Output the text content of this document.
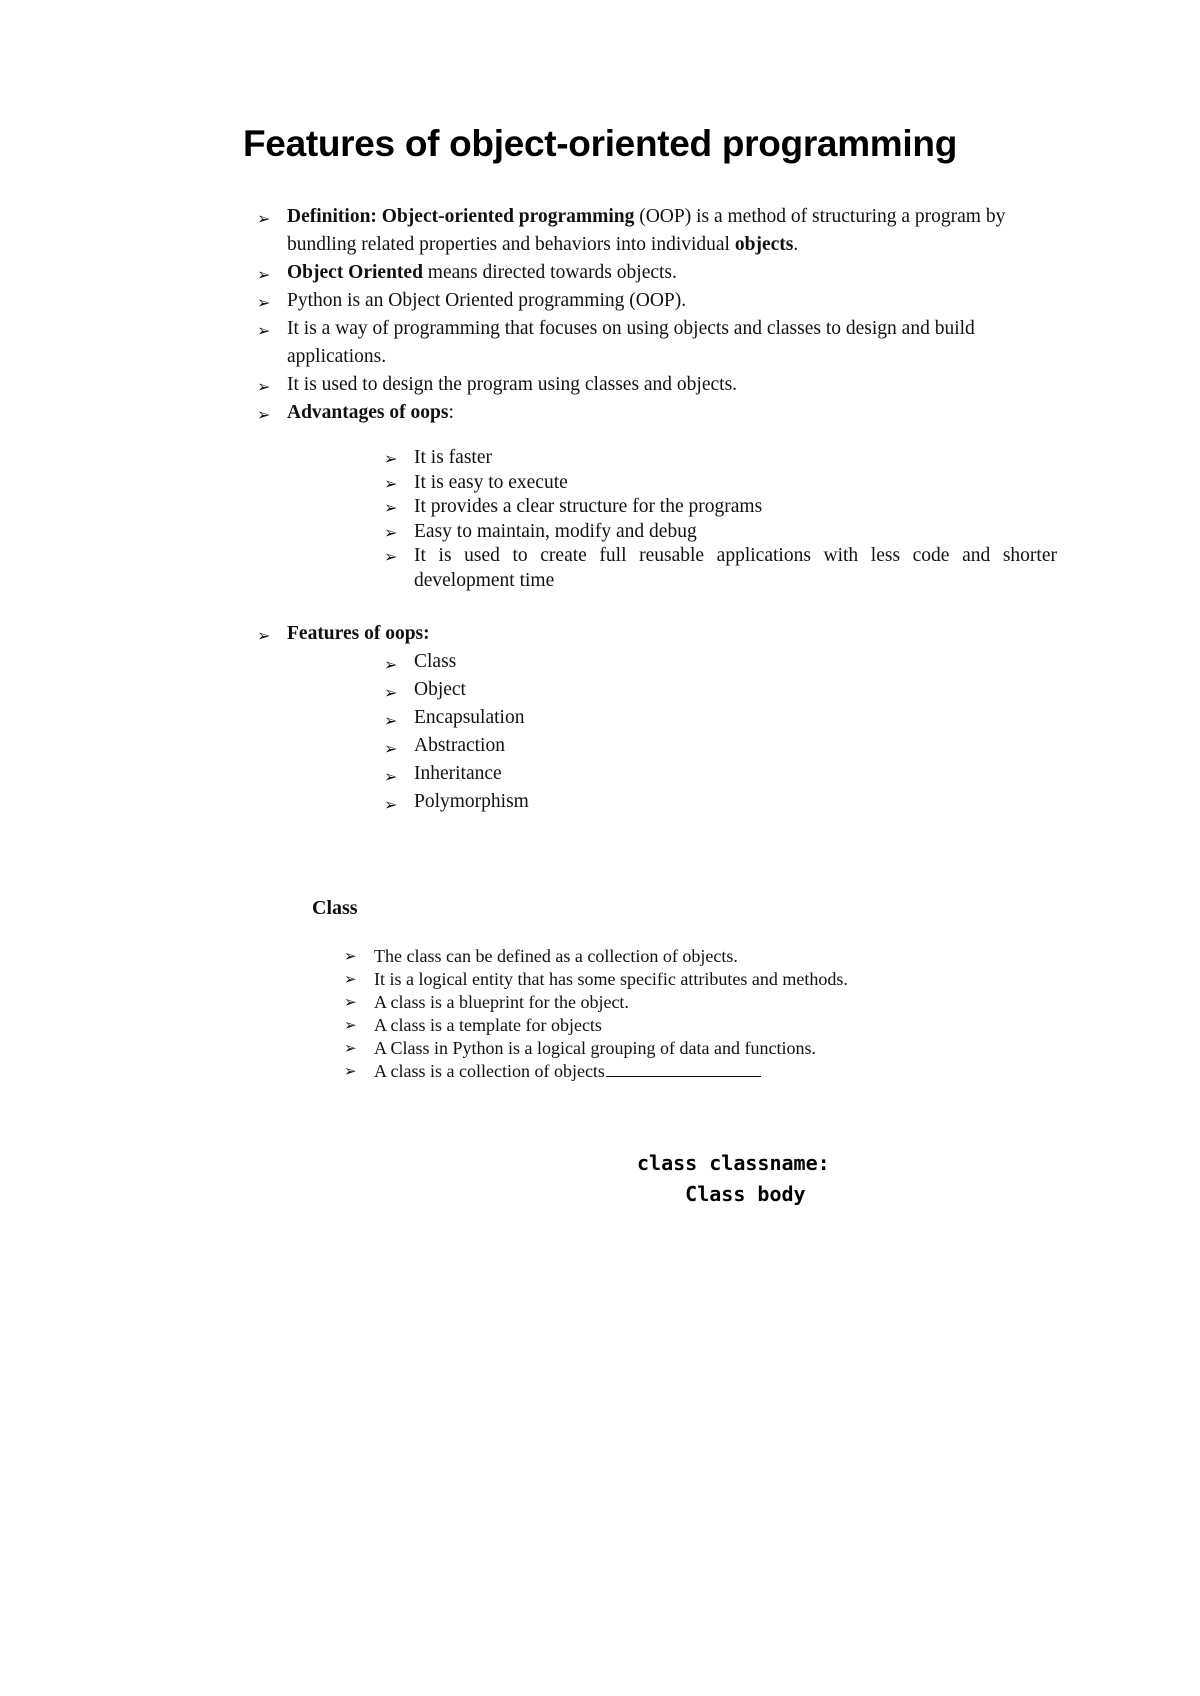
Features of object-oriented programming
➢ Definition: Object-oriented programming (OOP) is a method of structuring a program by bundling related properties and behaviors into individual objects.
➢ Object Oriented means directed towards objects.
➢ Python is an Object Oriented programming (OOP).
➢ It is a way of programming that focuses on using objects and classes to design and build applications.
➢ It is used to design the program using classes and objects.
➢ Advantages of oops:
➢ It is faster
➢ It is easy to execute
➢ It provides a clear structure for the programs
➢ Easy to maintain, modify and debug
➢ It is used to create full reusable applications with less code and shorter development time
➢ Features of oops:
➢ Class
➢ Object
➢ Encapsulation
➢ Abstraction
➢ Inheritance
➢ Polymorphism
Class
➢ The class can be defined as a collection of objects.
➢ It is a logical entity that has some specific attributes and methods.
➢ A class is a blueprint for the object.
➢ A class is a template for objects
➢ A Class in Python is a logical grouping of data and functions.
➢ A class is a collection of objects
class classname:
Class body
